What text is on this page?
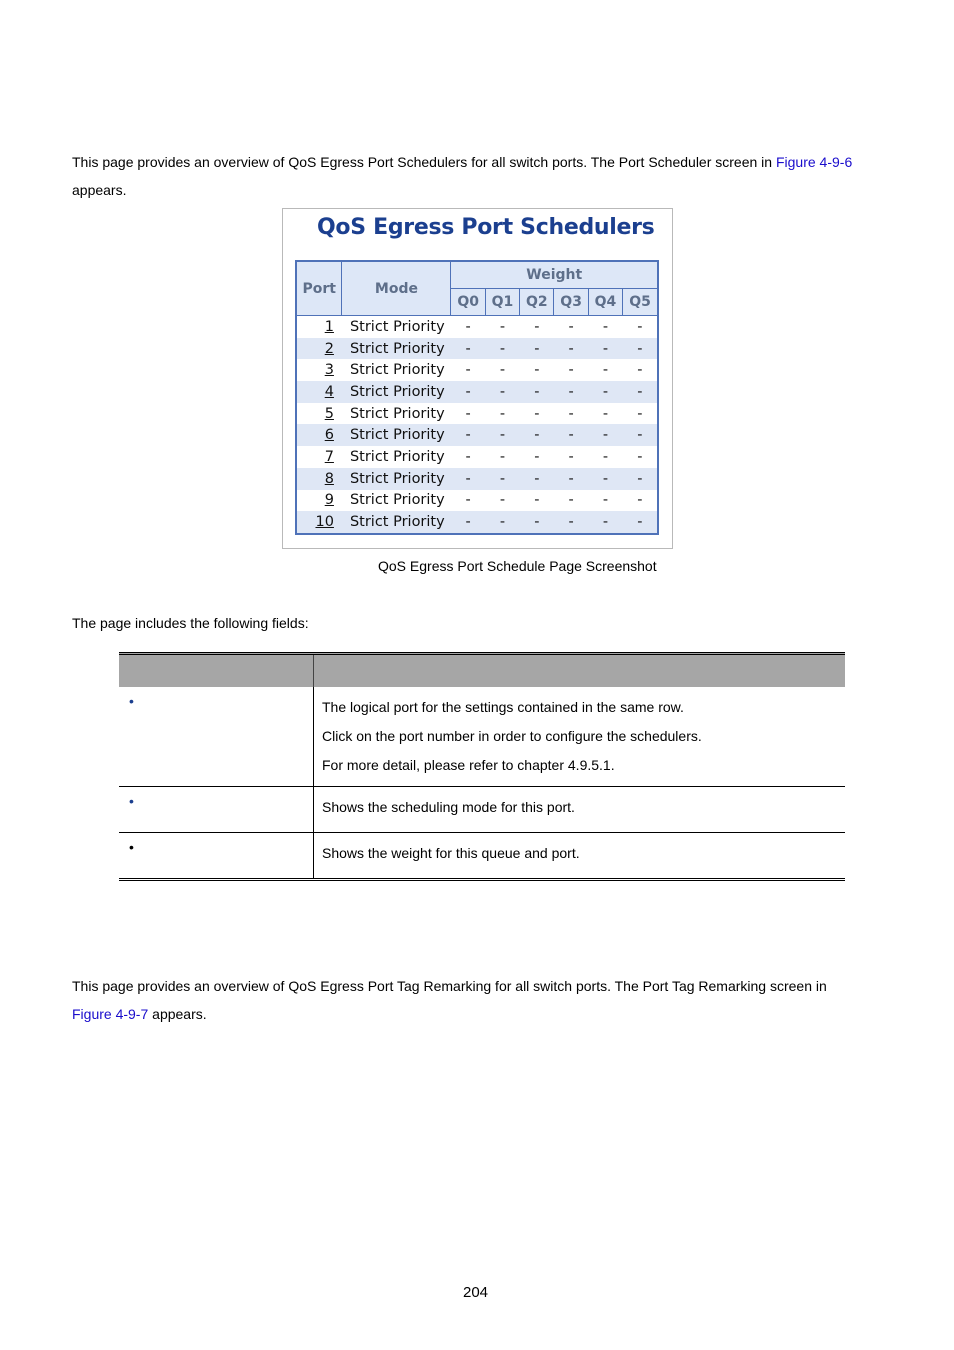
This page provides an overview of QoS Egress Port Schedulers for all switch ports. The Port Scheduler screen in Figure 4-9-6
appears.
QoS Egress Port Schedulers
Port	Mode	Weight					
		Q0	Q1	Q2	Q3	Q4	Q5
1	Strict Priority	-	-	-	-	-	-
2	Strict Priority	-	-	-	-	-	-
3	Strict Priority	-	-	-	-	-	-
4	Strict Priority	-	-	-	-	-	-
5	Strict Priority	-	-	-	-	-	-
6	Strict Priority	-	-	-	-	-	-
7	Strict Priority	-	-	-	-	-	-
8	Strict Priority	-	-	-	-	-	-
9	Strict Priority	-	-	-	-	-	-
10	Strict Priority	-	-	-	-	-	-
QoS Egress Port Schedule Page Screenshot
The page includes the following fields:
•	The logical port for the settings contained in the same row.
Click on the port number in order to configure the schedulers.
For more detail, please refer to chapter 4.9.5.1.
•	Shows the scheduling mode for this port.
•	Shows the weight for this queue and port.
This page provides an overview of QoS Egress Port Tag Remarking for all switch ports. The Port Tag Remarking screen in
Figure 4-9-7 appears.
204
